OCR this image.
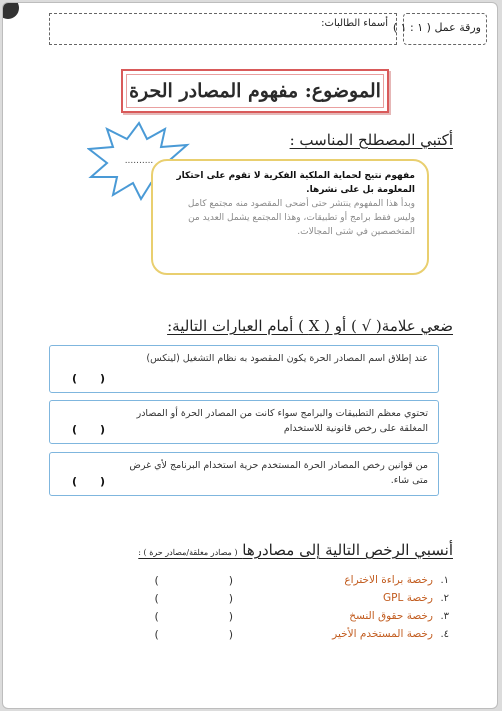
أسماء الطالبات: ورقة عمل ( ١ : ١ )
الموضوع: مفهوم المصادر الحرة
أكتبي المصطلح المناسب :
..........
مفهوم نتيج لحماية الملكية الفكرية لا تقوم على احتكار المعلومة بل على نشرها.
وبدأ هذا المفهوم ينتشر حتى أضحى المقصود منه مجتمع كامل وليس فقط برامج أو تطبيقات، وهذا المجتمع يشمل العديد من المتخصصين في شتى المجالات.
ضعي علامة( √ ) أو ( X ) أمام العبارات التالية:
عند إطلاق اسم المصادر الحرة يكون المقصود به نظام التشغيل (لينكس)
(      )
تحتوي معظم التطبيقات والبرامج سواء كانت من المصادر الحرة أو المصادر المغلقة على رخص قانونية للاستخدام
(      )
من قوانين رخص المصادر الحرة المستخدم حرية استخدام البرنامج لأي غرض متى شاء.
(      )
أنسبي الرخص التالية إلى مصادرها ( مصادر مغلقة/مصادر حرة ) :
١.
رخصة براءة الاختراع
(                    )
٢.
رخصة GPL
(                    )
٣.
رخصة حقوق النسخ
(                    )
٤.
رخصة المستخدم الأخير
(                    )
